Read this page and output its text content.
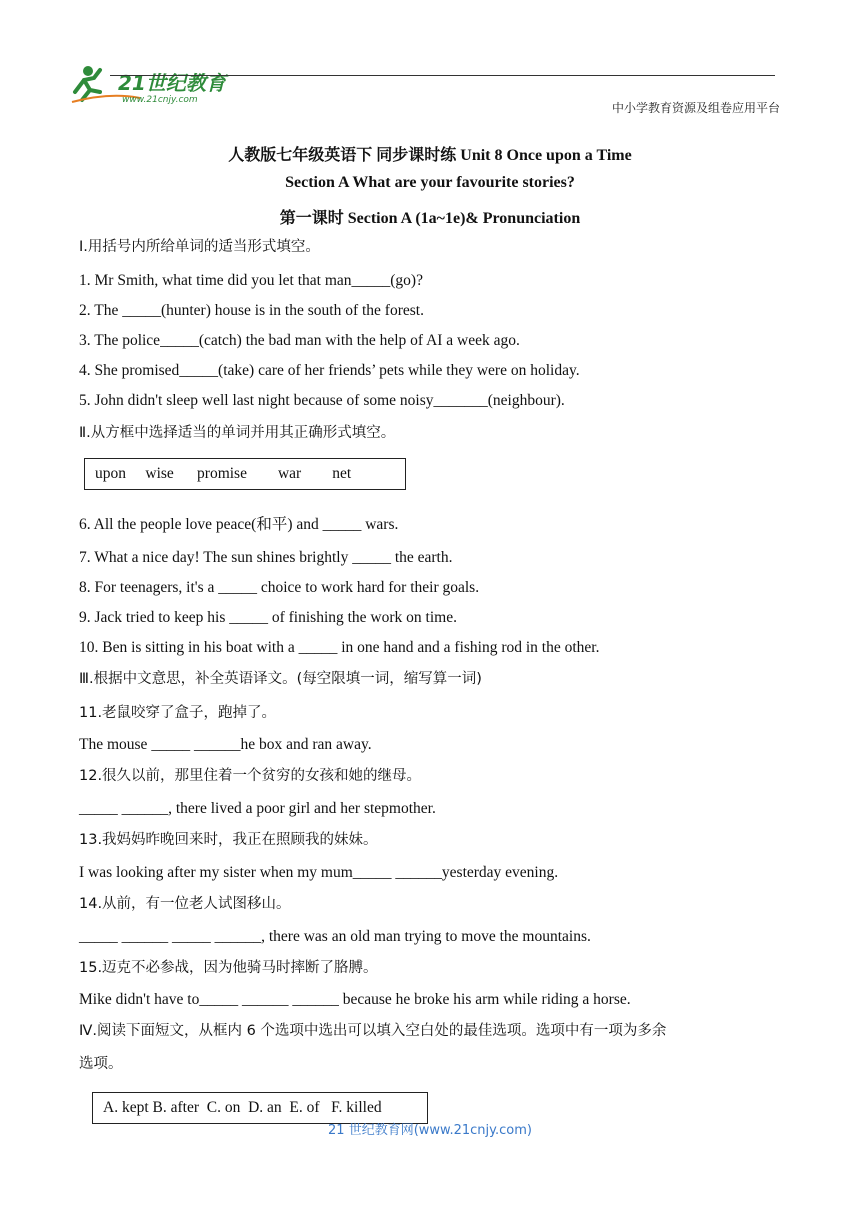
21世纪教育
www.21cnjy.com
中小学教育资源及组卷应用平台
人教版七年级英语下 同步课时练 Unit 8 Once upon a Time
Section A What are your favourite stories?
第一课时 Section A (1a~1e)& Pronunciation
Ⅰ.用括号内所给单词的适当形式填空。
1. Mr Smith, what time did you let that man_____(go)?
2. The _____(hunter) house is in the south of the forest.
3. The police_____(catch) the bad man with the help of AI a week ago.
4. She promised_____(take) care of her friends’ pets while they were on holiday.
5. John didn't sleep well last night because of some noisy_______(neighbour).
Ⅱ.从方框中选择适当的单词并用其正确形式填空。
upon     wise      promise        war        net
6. All the people love peace(和平) and _____ wars.
7. What a nice day! The sun shines brightly _____ the earth.
8. For teenagers, it's a _____ choice to work hard for their goals.
9. Jack tried to keep his _____ of finishing the work on time.
10. Ben is sitting in his boat with a _____ in one hand and a fishing rod in the other.
Ⅲ.根据中文意思，补全英语译文。(每空限填一词，缩写算一词)
11.老鼠咬穿了盒子，跑掉了。
The mouse _____ ______he box and ran away.
12.很久以前，那里住着一个贫穷的女孩和她的继母。
_____ ______, there lived a poor girl and her stepmother.
13.我妈妈昨晚回来时，我正在照顾我的妹妹。
I was looking after my sister when my mum_____ ______yesterday evening.
14.从前，有一位老人试图移山。
_____ ______ _____ ______, there was an old man trying to move the mountains.
15.迈克不必参战，因为他骑马时摔断了胳膊。
Mike didn't have to_____ ______ ______ because he broke his arm while riding a horse.
Ⅳ.阅读下面短文，从框内 6 个选项中选出可以填入空白处的最佳选项。选项中有一项为多余
选项。
A. kept B. after  C. on  D. an  E. of   F. killed
21 世纪教育网(www.21cnjy.com)
